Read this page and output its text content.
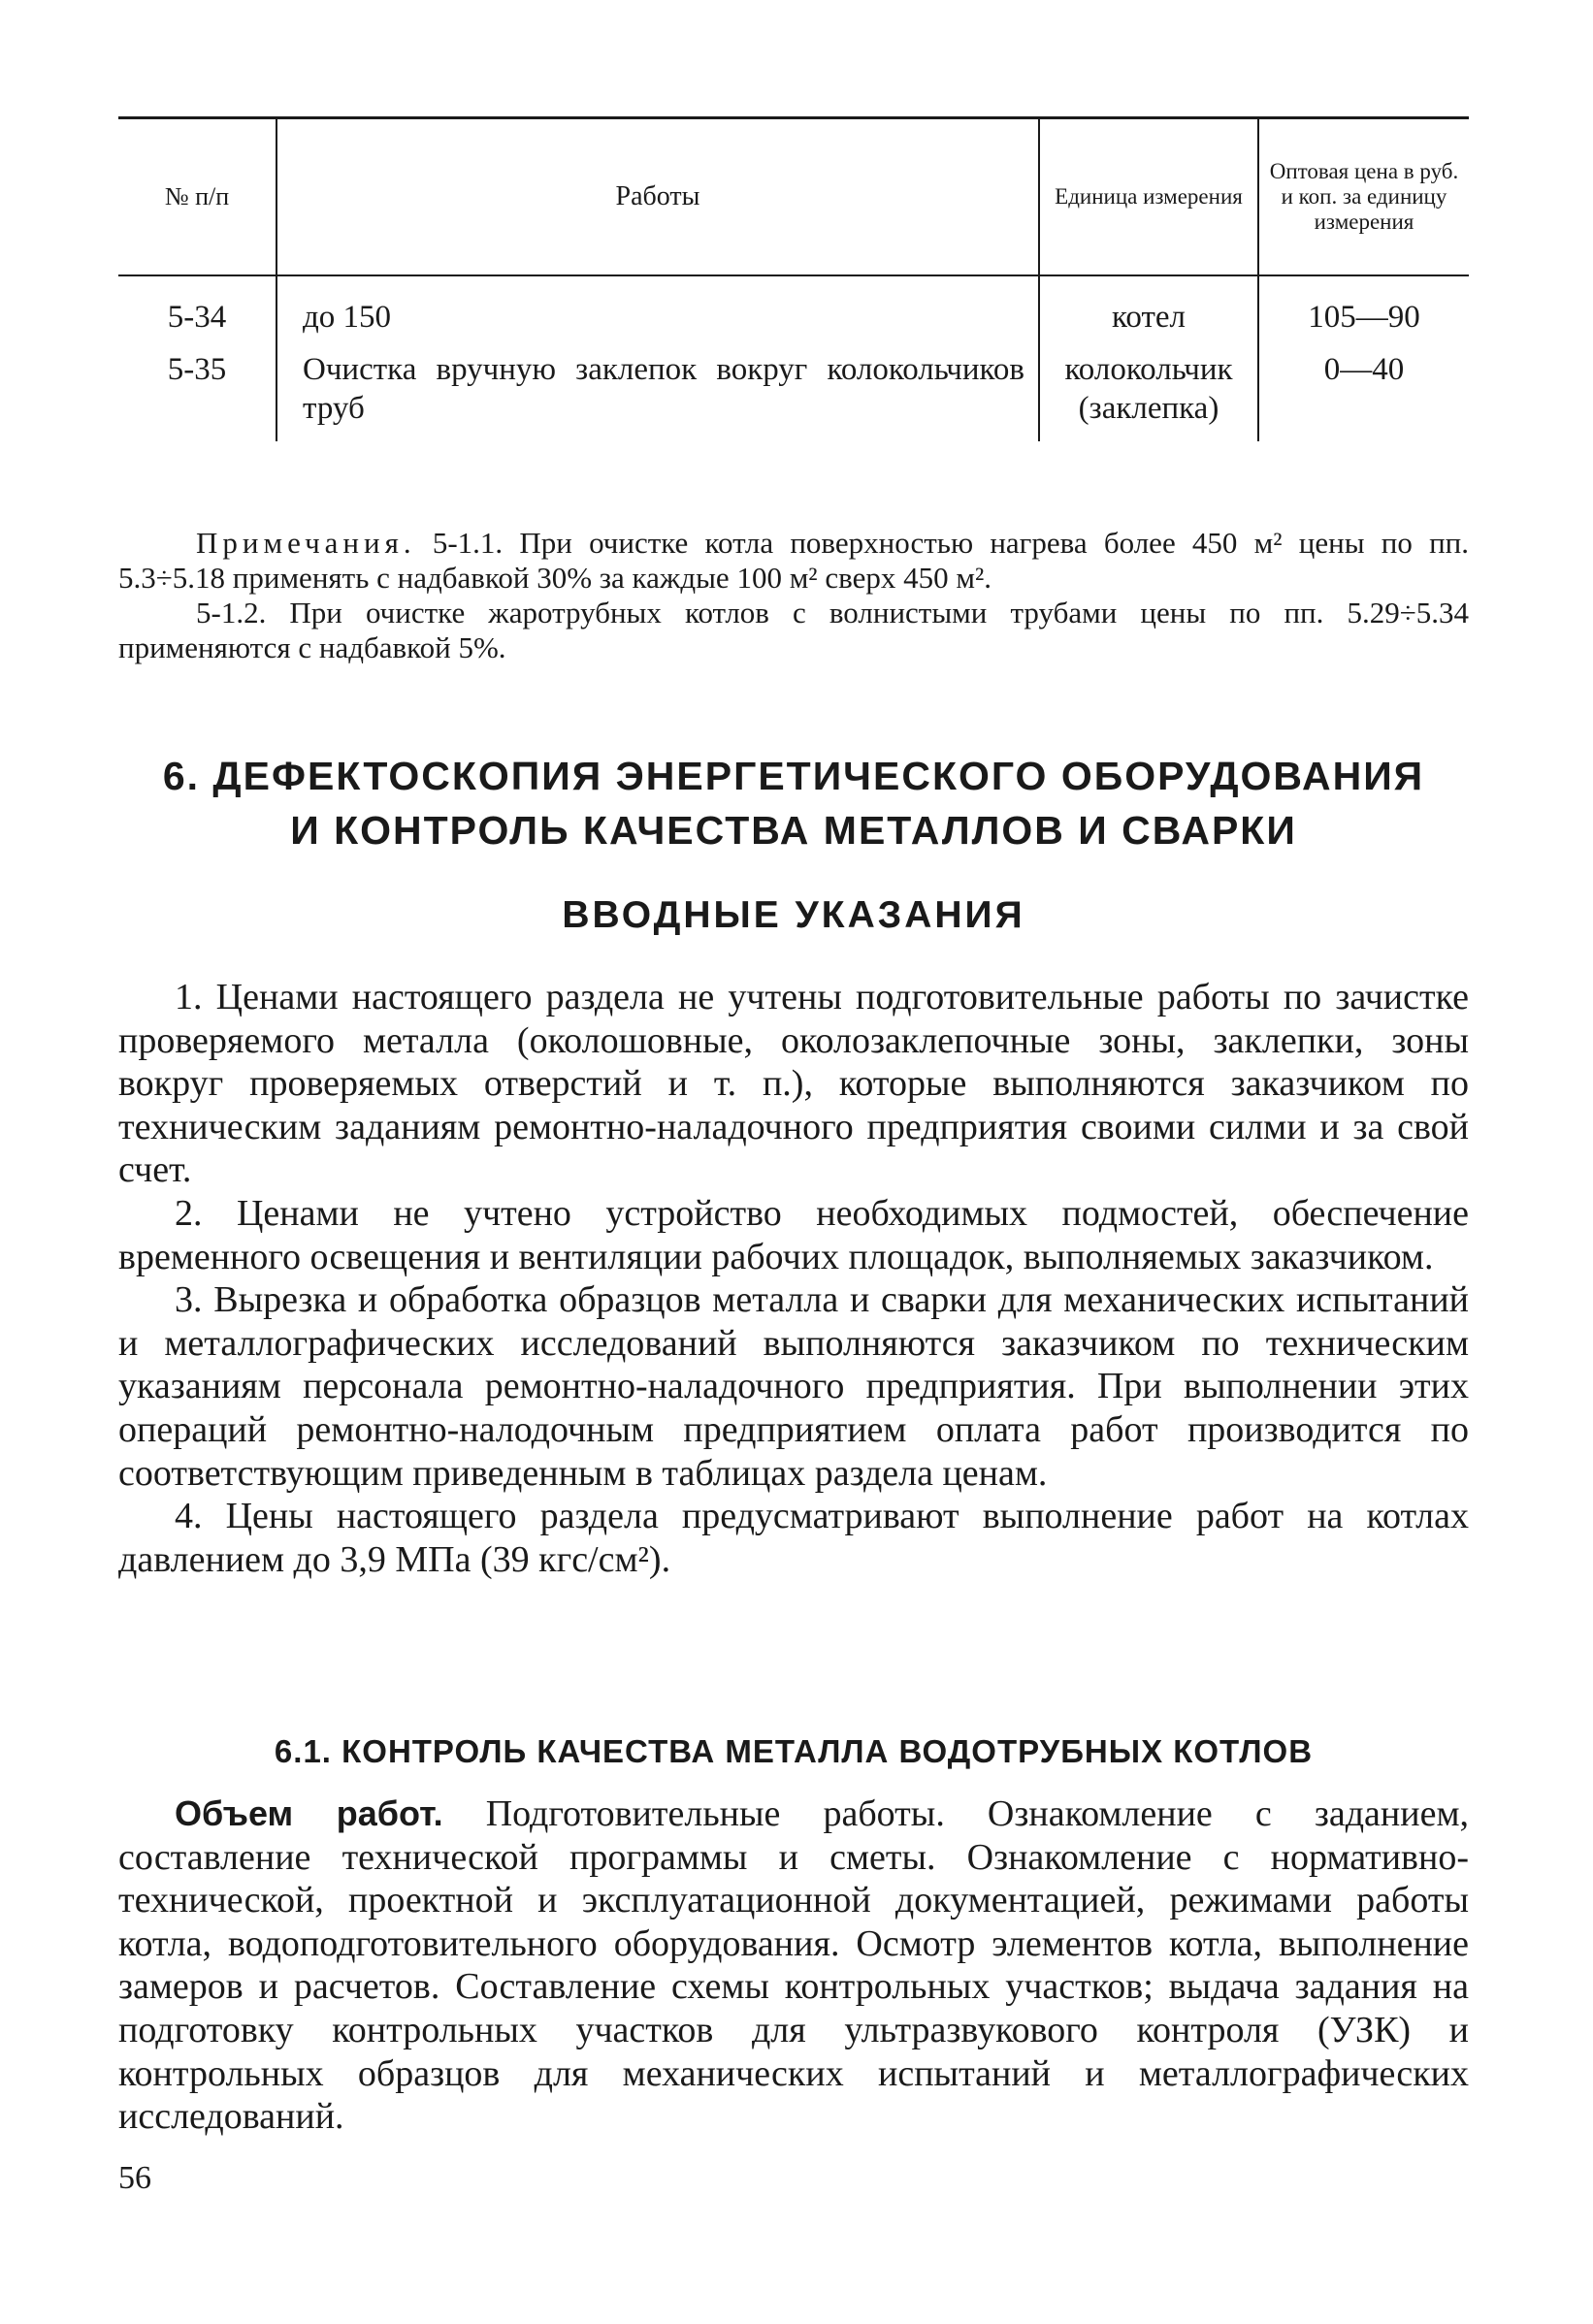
№ п/п	Работы	Единица измерения	Оптовая цена в руб. и коп. за единицу измерения
5-34	до 150	котел	105—90
5-35	Очистка вручную заклепок вокруг колокольчиков труб	колокольчик (заклепка)	0—40

Примечания. 5-1.1. При очистке котла поверхностью нагрева более 450 м² цены по пп. 5.3÷5.18 применять с надбавкой 30% за каждые 100 м² сверх 450 м².

5-1.2. При очистке жаротрубных котлов с волнистыми трубами цены по пп. 5.29÷5.34 применяются с надбавкой 5%.

6. ДЕФЕКТОСКОПИЯ ЭНЕРГЕТИЧЕСКОГО ОБОРУДОВАНИЯ
И КОНТРОЛЬ КАЧЕСТВА МЕТАЛЛОВ И СВАРКИ
ВВОДНЫЕ УКАЗАНИЯ

1. Ценами настоящего раздела не учтены подготовительные работы по зачистке проверяемого металла (околошовные, околозаклепочные зоны, заклепки, зоны вокруг проверяемых отверстий и т. п.), которые выполняются заказчиком по техническим заданиям ремонтно-наладочного предприятия своими силми и за свой счет.

2. Ценами не учтено устройство необходимых подмостей, обеспечение временного освещения и вентиляции рабочих площадок, выполняемых заказчиком.

3. Вырезка и обработка образцов металла и сварки для механических испытаний и металлографических исследований выполняются заказчиком по техническим указаниям персонала ремонтно-наладочного предприятия. При выполнении этих операций ремонтно-налодочным предприятием оплата работ производится по соответствующим приведенным в таблицах раздела ценам.

4. Цены настоящего раздела предусматривают выполнение работ на котлах давлением до 3,9 МПа (39 кгс/см²).

6.1. КОНТРОЛЬ КАЧЕСТВА МЕТАЛЛА ВОДОТРУБНЫХ КОТЛОВ

Объем работ. Подготовительные работы. Ознакомление с заданием, составление технической программы и сметы. Ознакомление с нормативно-технической, проектной и эксплуатационной документацией, режимами работы котла, водоподготовительного оборудования. Осмотр элементов котла, выполнение замеров и расчетов. Составление схемы контрольных участков; выдача задания на подготовку контрольных участков для ультразвукового контроля (УЗК) и контрольных образцов для механических испытаний и металлографических исследований.

56
